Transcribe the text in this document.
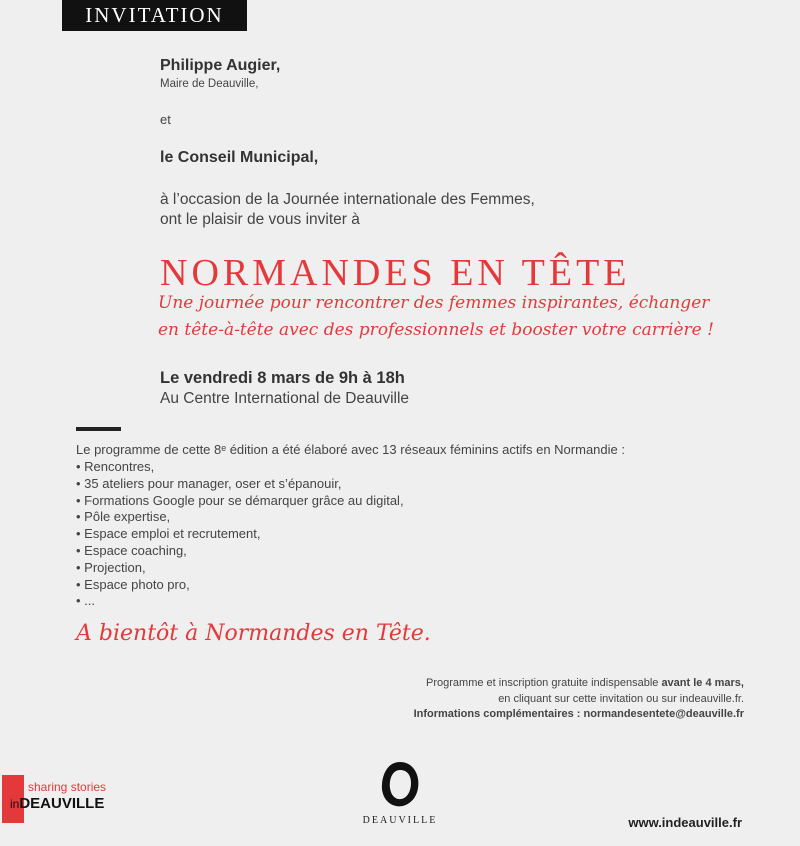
INVITATION
Philippe Augier,
Maire de Deauville,
et
le Conseil Municipal,
à l’occasion de la Journée internationale des Femmes,
ont le plaisir de vous inviter à
NORMANDES EN TÊTE
Une journée pour rencontrer des femmes inspirantes, échanger
en tête-à-tête avec des professionnels et booster votre carrière !
Le vendredi 8 mars de 9h à 18h
Au Centre International de Deauville
Le programme de cette 8ᵉ édition a été élaboré avec 13 réseaux féminins actifs en Normandie :
• Rencontres,
• 35 ateliers pour manager, oser et s’épanouir,
• Formations Google pour se démarquer grâce au digital,
• Pôle expertise,
• Espace emploi et recrutement,
• Espace coaching,
• Projection,
• Espace photo pro,
• ...
A bientôt à Normandes en Tête.
Programme et inscription gratuite indispensable avant le 4 mars,
en cliquant sur cette invitation ou sur indeauville.fr.
Informations complémentaires : normandesentete@deauville.fr
sharing stories
inDEAUVILLE
DEAUVILLE	www.indeauville.fr
